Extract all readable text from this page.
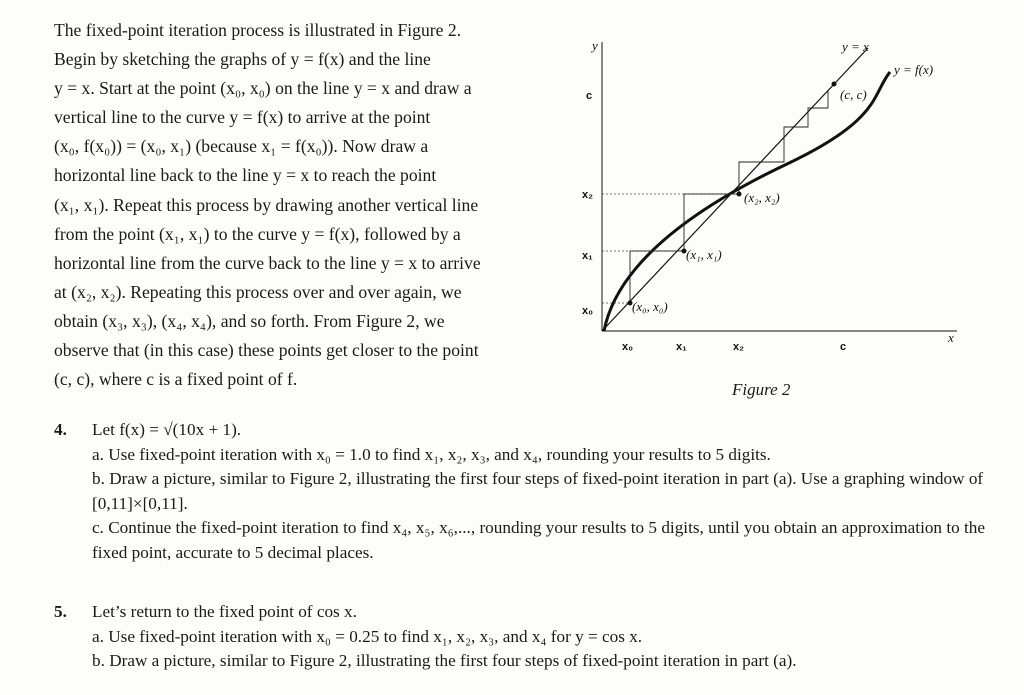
The fixed-point iteration process is illustrated in Figure 2.
Begin by sketching the graphs of y = f(x) and the line
y = x. Start at the point (x₀, x₀) on the line y = x and draw a
vertical line to the curve y = f(x) to arrive at the point
(x₀, f(x₀)) = (x₀, x₁) (because x₁ = f(x₀)). Now draw a
horizontal line back to the line y = x to reach the point
(x₁, x₁). Repeat this process by drawing another vertical line
from the point (x₁, x₁) to the curve y = f(x), followed by a
horizontal line from the curve back to the line y = x to arrive
at (x₂, x₂). Repeating this process over and over again, we
obtain (x₃, x₃), (x₄, x₄), and so forth. From Figure 2, we
observe that (in this case) these points get closer to the point
(c, c), where c is a fixed point of f.
y
x
(x₀, x₀)
(x₁, x₁)
(x₂, x₂)
(c, c)
y = x
y = f(x)
c
x₂
x₁
x₀
x₀	x₁	x₂	c
Figure 2
4. Let f(x) = √(10x + 1).

a. Use fixed-point iteration with x₀ = 1.0 to find x₁, x₂, x₃, and x₄, rounding your results to 5 digits.

b. Draw a picture, similar to Figure 2, illustrating the first four steps of fixed-point iteration in part (a). Use a graphing window of [0,11]×[0,11].

c. Continue the fixed-point iteration to find x₄, x₅, x₆,..., rounding your results to 5 digits, until you obtain an approximation to the fixed point, accurate to 5 decimal places.

5. Let’s return to the fixed point of cos x.

a. Use fixed-point iteration with x₀ = 0.25 to find x₁, x₂, x₃, and x₄ for y = cos x.

b. Draw a picture, similar to Figure 2, illustrating the first four steps of fixed-point iteration in part (a).
